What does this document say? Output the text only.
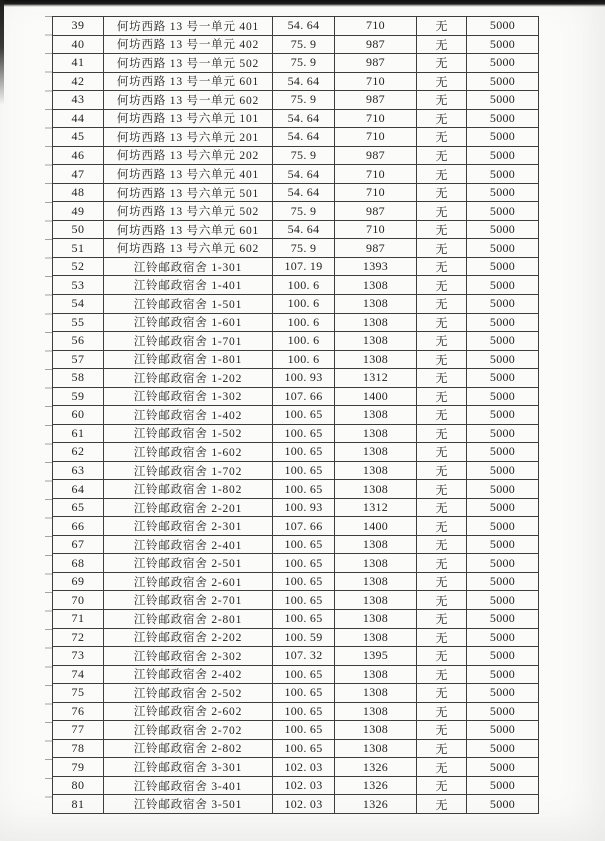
39	何坊西路 13 号一单元 401	54. 64	710	无	5000
40	何坊西路 13 号一单元 402	75. 9	987	无	5000
41	何坊西路 13 号一单元 502	75. 9	987	无	5000
42	何坊西路 13 号一单元 601	54. 64	710	无	5000
43	何坊西路 13 号一单元 602	75. 9	987	无	5000
44	何坊西路 13 号六单元 101	54. 64	710	无	5000
45	何坊西路 13 号六单元 201	54. 64	710	无	5000
46	何坊西路 13 号六单元 202	75. 9	987	无	5000
47	何坊西路 13 号六单元 401	54. 64	710	无	5000
48	何坊西路 13 号六单元 501	54. 64	710	无	5000
49	何坊西路 13 号六单元 502	75. 9	987	无	5000
50	何坊西路 13 号六单元 601	54. 64	710	无	5000
51	何坊西路 13 号六单元 602	75. 9	987	无	5000
52	江铃邮政宿舍 1-301	107. 19	1393	无	5000
53	江铃邮政宿舍 1-401	100. 6	1308	无	5000
54	江铃邮政宿舍 1-501	100. 6	1308	无	5000
55	江铃邮政宿舍 1-601	100. 6	1308	无	5000
56	江铃邮政宿舍 1-701	100. 6	1308	无	5000
57	江铃邮政宿舍 1-801	100. 6	1308	无	5000
58	江铃邮政宿舍 1-202	100. 93	1312	无	5000
59	江铃邮政宿舍 1-302	107. 66	1400	无	5000
60	江铃邮政宿舍 1-402	100. 65	1308	无	5000
61	江铃邮政宿舍 1-502	100. 65	1308	无	5000
62	江铃邮政宿舍 1-602	100. 65	1308	无	5000
63	江铃邮政宿舍 1-702	100. 65	1308	无	5000
64	江铃邮政宿舍 1-802	100. 65	1308	无	5000
65	江铃邮政宿舍 2-201	100. 93	1312	无	5000
66	江铃邮政宿舍 2-301	107. 66	1400	无	5000
67	江铃邮政宿舍 2-401	100. 65	1308	无	5000
68	江铃邮政宿舍 2-501	100. 65	1308	无	5000
69	江铃邮政宿舍 2-601	100. 65	1308	无	5000
70	江铃邮政宿舍 2-701	100. 65	1308	无	5000
71	江铃邮政宿舍 2-801	100. 65	1308	无	5000
72	江铃邮政宿舍 2-202	100. 59	1308	无	5000
73	江铃邮政宿舍 2-302	107. 32	1395	无	5000
74	江铃邮政宿舍 2-402	100. 65	1308	无	5000
75	江铃邮政宿舍 2-502	100. 65	1308	无	5000
76	江铃邮政宿舍 2-602	100. 65	1308	无	5000
77	江铃邮政宿舍 2-702	100. 65	1308	无	5000
78	江铃邮政宿舍 2-802	100. 65	1308	无	5000
79	江铃邮政宿舍 3-301	102. 03	1326	无	5000
80	江铃邮政宿舍 3-401	102. 03	1326	无	5000
81	江铃邮政宿舍 3-501	102. 03	1326	无	5000
